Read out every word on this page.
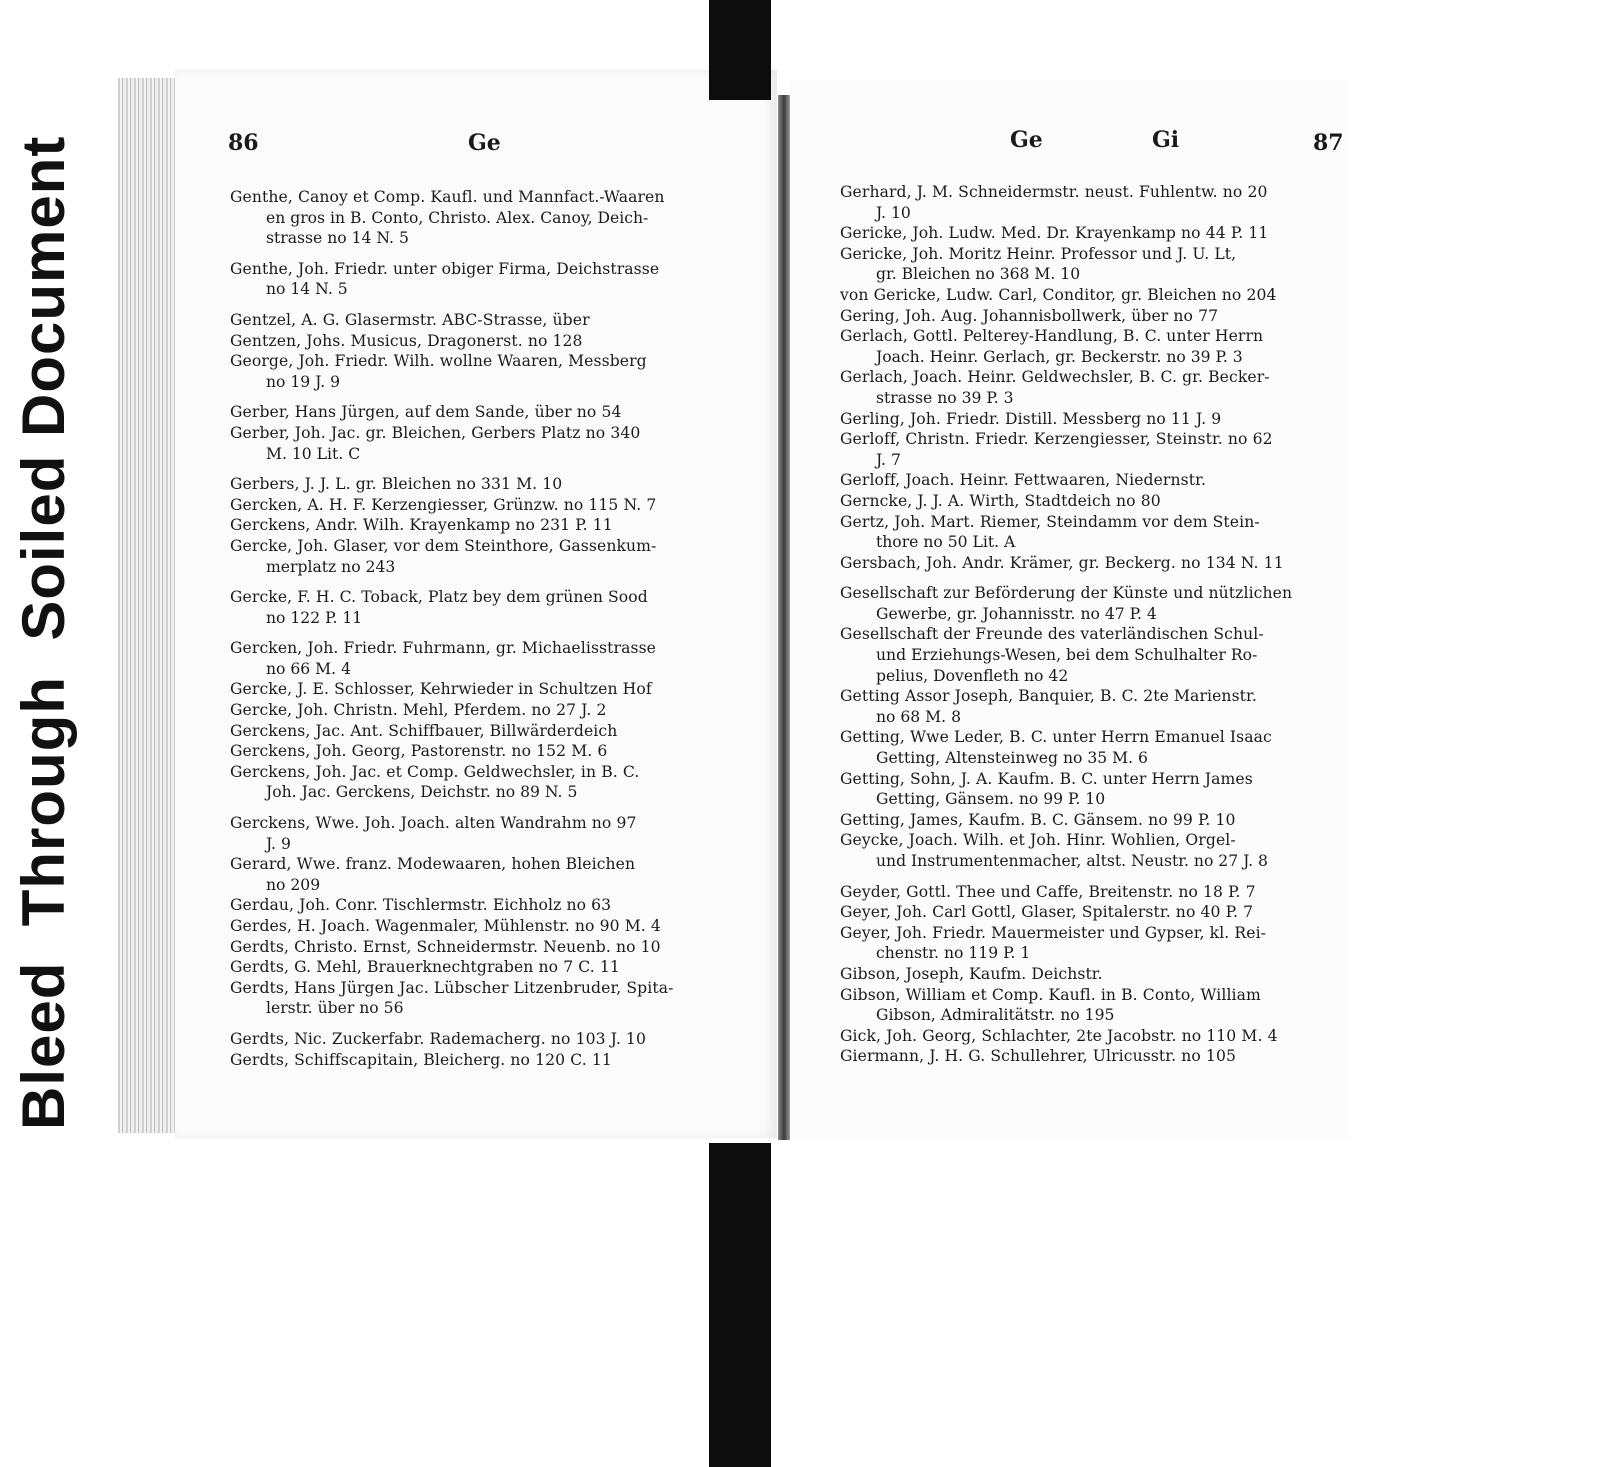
Bleed  Through  Soiled Document	86	Ge	Ge	Gi	87
Genthe, Canoy et Comp. Kaufl. und Mannfact.-Waaren
en gros in B. Conto, Christo. Alex. Canoy, Deich-
strasse no 14 N. 5
Genthe, Joh. Friedr. unter obiger Firma, Deichstrasse
no 14 N. 5
Gentzel, A. G. Glasermstr. ABC-Strasse, über
Gentzen, Johs. Musicus, Dragonerst. no 128
George, Joh. Friedr. Wilh. wollne Waaren, Messberg
no 19 J. 9
Gerber, Hans Jürgen, auf dem Sande, über no 54
Gerber, Joh. Jac. gr. Bleichen, Gerbers Platz no 340
M. 10 Lit. C
Gerbers, J. J. L. gr. Bleichen no 331 M. 10
Gercken, A. H. F. Kerzengiesser, Grünzw. no 115 N. 7
Gerckens, Andr. Wilh. Krayenkamp no 231 P. 11
Gercke, Joh. Glaser, vor dem Steinthore, Gassenkum-
merplatz no 243
Gercke, F. H. C. Toback, Platz bey dem grünen Sood
no 122 P. 11
Gercken, Joh. Friedr. Fuhrmann, gr. Michaelisstrasse
no 66 M. 4
Gercke, J. E. Schlosser, Kehrwieder in Schultzen Hof
Gercke, Joh. Christn. Mehl, Pferdem. no 27 J. 2
Gerckens, Jac. Ant. Schiffbauer, Billwärderdeich
Gerckens, Joh. Georg, Pastorenstr. no 152 M. 6
Gerckens, Joh. Jac. et Comp. Geldwechsler, in B. C.
Joh. Jac. Gerckens, Deichstr. no 89 N. 5
Gerckens, Wwe. Joh. Joach. alten Wandrahm no 97
J. 9
Gerard, Wwe. franz. Modewaaren, hohen Bleichen
no 209
Gerdau, Joh. Conr. Tischlermstr. Eichholz no 63
Gerdes, H. Joach. Wagenmaler, Mühlenstr. no 90 M. 4
Gerdts, Christo. Ernst, Schneidermstr. Neuenb. no 10
Gerdts, G. Mehl, Brauerknechtgraben no 7 C. 11
Gerdts, Hans Jürgen Jac. Lübscher Litzenbruder, Spita-
lerstr. über no 56
Gerdts, Nic. Zuckerfabr. Rademacherg. no 103 J. 10
Gerdts, Schiffscapitain, Bleicherg. no 120 C. 11
Gerhard, J. M. Schneidermstr. neust. Fuhlentw. no 20
J. 10
Gericke, Joh. Ludw. Med. Dr. Krayenkamp no 44 P. 11
Gericke, Joh. Moritz Heinr. Professor und J. U. Lt,
gr. Bleichen no 368 M. 10
von Gericke, Ludw. Carl, Conditor, gr. Bleichen no 204
Gering, Joh. Aug. Johannisbollwerk, über no 77
Gerlach, Gottl. Pelterey-Handlung, B. C. unter Herrn
Joach. Heinr. Gerlach, gr. Beckerstr. no 39 P. 3
Gerlach, Joach. Heinr. Geldwechsler, B. C. gr. Becker-
strasse no 39 P. 3
Gerling, Joh. Friedr. Distill. Messberg no 11 J. 9
Gerloff, Christn. Friedr. Kerzengiesser, Steinstr. no 62
J. 7
Gerloff, Joach. Heinr. Fettwaaren, Niedernstr.
Gerncke, J. J. A. Wirth, Stadtdeich no 80
Gertz, Joh. Mart. Riemer, Steindamm vor dem Stein-
thore no 50 Lit. A
Gersbach, Joh. Andr. Krämer, gr. Beckerg. no 134 N. 11
Gesellschaft zur Beförderung der Künste und nützlichen
Gewerbe, gr. Johannisstr. no 47 P. 4
Gesellschaft der Freunde des vaterländischen Schul-
und Erziehungs-Wesen, bei dem Schulhalter Ro-
pelius, Dovenfleth no 42
Getting Assor Joseph, Banquier, B. C. 2te Marienstr.
no 68 M. 8
Getting, Wwe Leder, B. C. unter Herrn Emanuel Isaac
Getting, Altensteinweg no 35 M. 6
Getting, Sohn, J. A. Kaufm. B. C. unter Herrn James
Getting, Gänsem. no 99 P. 10
Getting, James, Kaufm. B. C. Gänsem. no 99 P. 10
Geycke, Joach. Wilh. et Joh. Hinr. Wohlien, Orgel-
und Instrumentenmacher, altst. Neustr. no 27 J. 8
Geyder, Gottl. Thee und Caffe, Breitenstr. no 18 P. 7
Geyer, Joh. Carl Gottl, Glaser, Spitalerstr. no 40 P. 7
Geyer, Joh. Friedr. Mauermeister und Gypser, kl. Rei-
chenstr. no 119 P. 1
Gibson, Joseph, Kaufm. Deichstr.
Gibson, William et Comp. Kaufl. in B. Conto, William
Gibson, Admiralitätstr. no 195
Gick, Joh. Georg, Schlachter, 2te Jacobstr. no 110 M. 4
Giermann, J. H. G. Schullehrer, Ulricusstr. no 105
